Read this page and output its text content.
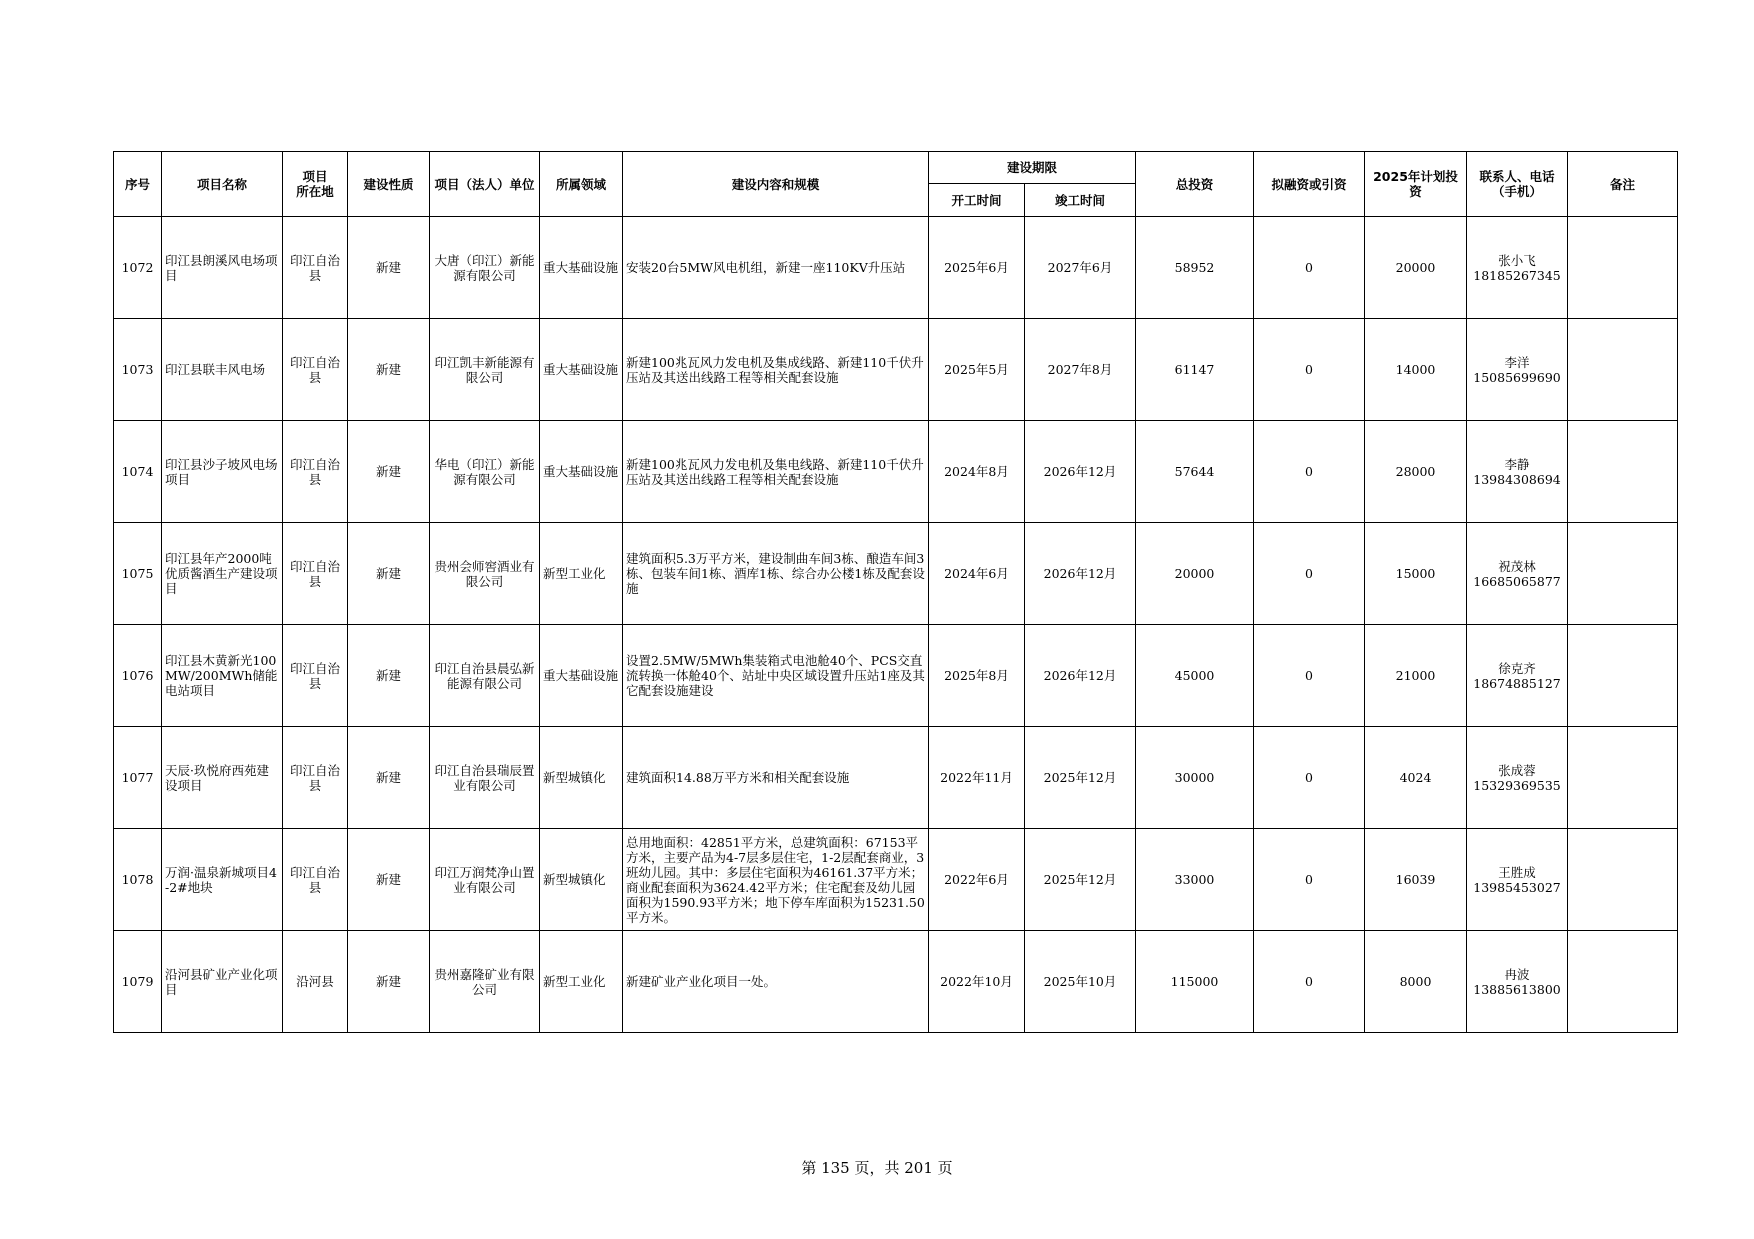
序号	项目名称	项目
所在地	建设性质	项目（法人）单位	所属领域	建设内容和规模	建设期限		总投资	拟融资或引资	2025年计划投资	联系人、电话（手机）	备注
							开工时间	竣工时间					
1072	印江县朗溪风电场项目	印江自治县	新建	大唐（印江）新能源有限公司	重大基础设施	安装20台5MW风电机组，新建一座110KV升压站	2025年6月	2027年6月	58952	0	20000	张小飞
18185267345	

1073	印江县联丰风电场	印江自治县	新建	印江凯丰新能源有限公司	重大基础设施	新建100兆瓦风力发电机及集成线路、新建110千伏升压站及其送出线路工程等相关配套设施	2025年5月	2027年8月	61147	0	14000	李洋
15085699690	

1074	印江县沙子坡风电场项目	印江自治县	新建	华电（印江）新能源有限公司	重大基础设施	新建100兆瓦风力发电机及集电线路、新建110千伏升压站及其送出线路工程等相关配套设施	2024年8月	2026年12月	57644	0	28000	李静
13984308694	

1075	印江县年产2000吨优质酱酒生产建设项目	印江自治县	新建	贵州会师窖酒业有限公司	新型工业化	建筑面积5.3万平方米，建设制曲车间3栋、酿造车间3栋、包装车间1栋、酒库1栋、综合办公楼1栋及配套设施	2024年6月	2026年12月	20000	0	15000	祝茂林
16685065877	

1076	印江县木黄新光100MW/200MWh储能电站项目	印江自治县	新建	印江自治县晨弘新能源有限公司	重大基础设施	设置2.5MW/5MWh集装箱式电池舱40个、PCS交直流转换一体舱40个、站址中央区域设置升压站1座及其它配套设施建设	2025年8月	2026年12月	45000	0	21000	徐克齐
18674885127	

1077	天辰·玖悦府西苑建设项目	印江自治县	新建	印江自治县瑞辰置业有限公司	新型城镇化	建筑面积14.88万平方米和相关配套设施	2022年11月	2025年12月	30000	0	4024	张成蓉
15329369535	

1078	万润·温泉新城项目4-2#地块	印江自治县	新建	印江万润梵净山置业有限公司	新型城镇化	总用地面积：42851平方米，总建筑面积：67153平方米，主要产品为4-7层多层住宅，1-2层配套商业，3班幼儿园。其中：多层住宅面积为46161.37平方米；商业配套面积为3624.42平方米；住宅配套及幼儿园面积为1590.93平方米；地下停车库面积为15231.50平方米。	2022年6月	2025年12月	33000	0	16039	王胜成
13985453027	

1079	沿河县矿业产业化项目	沿河县	新建	贵州嘉隆矿业有限公司	新型工业化	新建矿业产业化项目一处。	2022年10月	2025年10月	115000	0	8000	冉波
13885613800	

第 135 页，共 201 页
